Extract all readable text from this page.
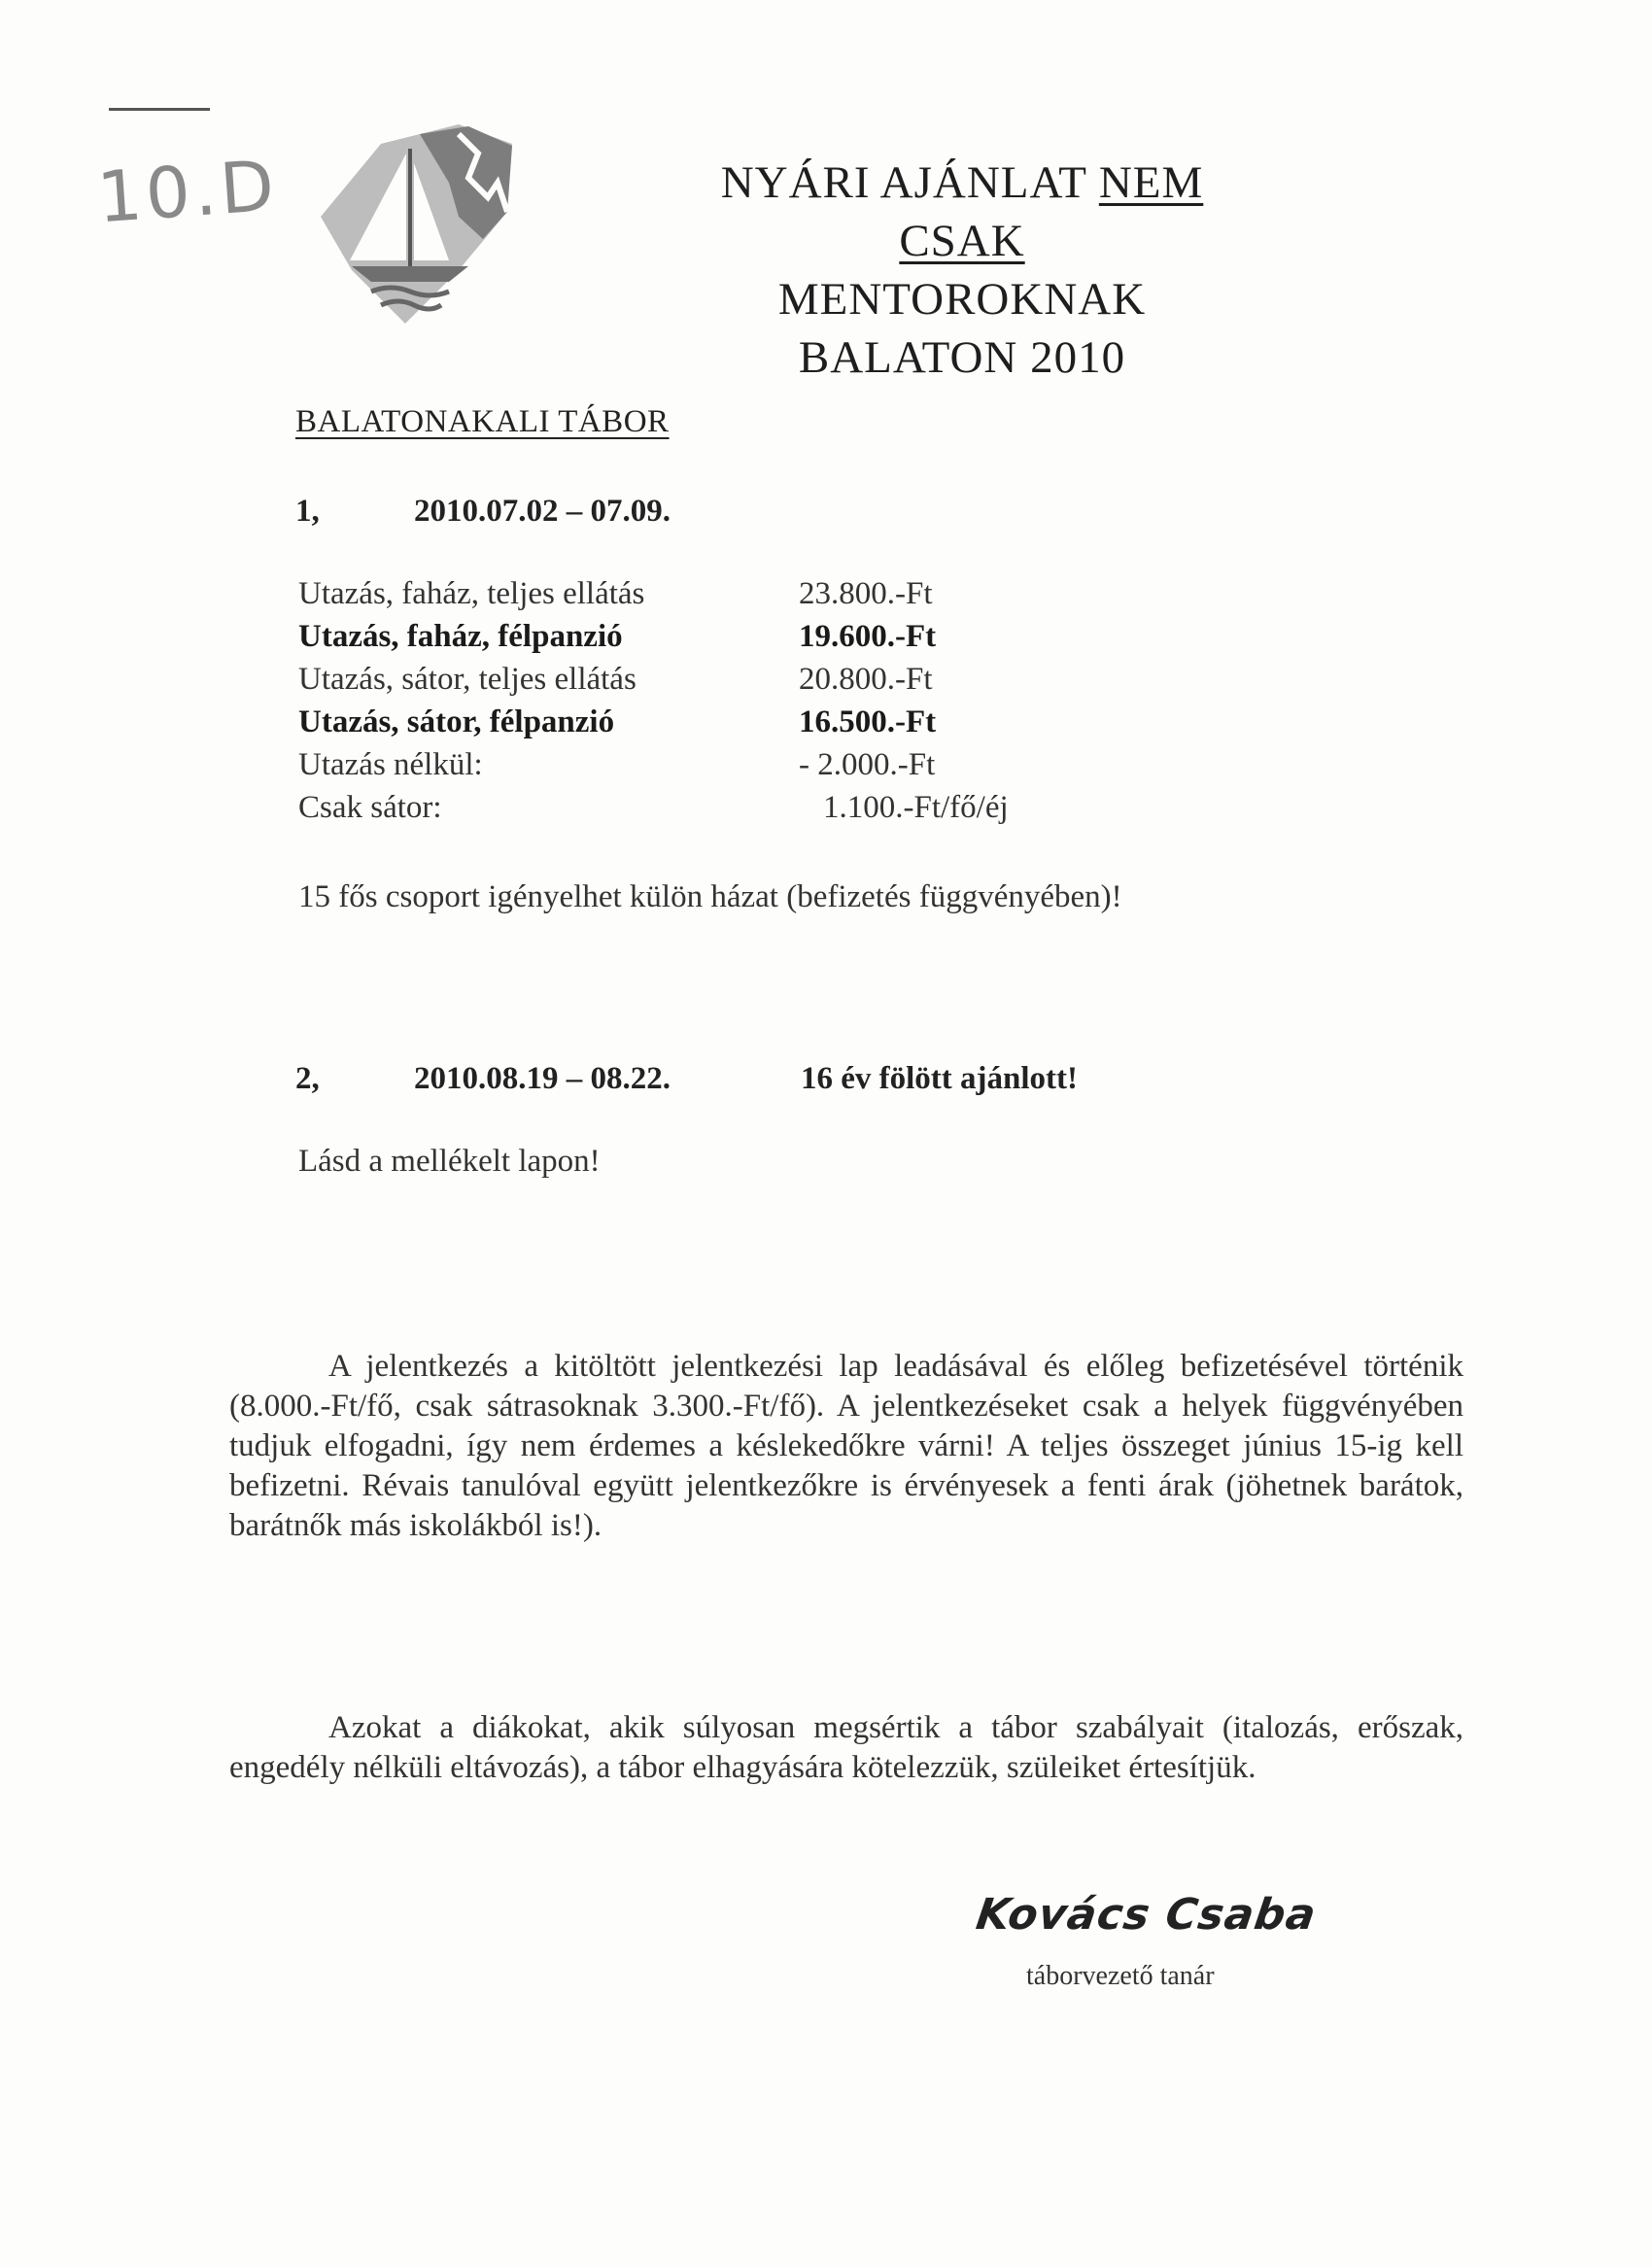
10.D	NYÁRI AJÁNLAT NEM CSAK
MENTOROKNAK
BALATON 2010
BALATONAKALI TÁBOR
1,	2010.07.02 – 07.09.
Utazás, faház, teljes ellátás	23.800.-Ft
Utazás, faház, félpanzió	19.600.-Ft
Utazás, sátor, teljes ellátás	20.800.-Ft
Utazás, sátor, félpanzió	16.500.-Ft
Utazás nélkül:	- 2.000.-Ft
Csak sátor:	1.100.-Ft/fő/éj
15 fős csoport igényelhet külön házat (befizetés függvényében)!
2,	2010.08.19 – 08.22.	16 év fölött ajánlott!
Lásd a mellékelt lapon!
A jelentkezés a kitöltött jelentkezési lap leadásával és előleg befizetésével történik (8.000.-Ft/fő, csak sátrasoknak 3.300.-Ft/fő). A jelentkezéseket csak a helyek függvényében tudjuk elfogadni, így nem érdemes a késlekedőkre várni! A teljes összeget június 15-ig kell befizetni. Révais tanulóval együtt jelentkezőkre is érvényesek a fenti árak (jöhetnek barátok, barátnők más iskolákból is!).
Azokat a diákokat, akik súlyosan megsértik a tábor szabályait (italozás, erőszak, engedély nélküli eltávozás), a tábor elhagyására kötelezzük, szüleiket értesítjük.
Kovács Csaba
táborvezető tanár
